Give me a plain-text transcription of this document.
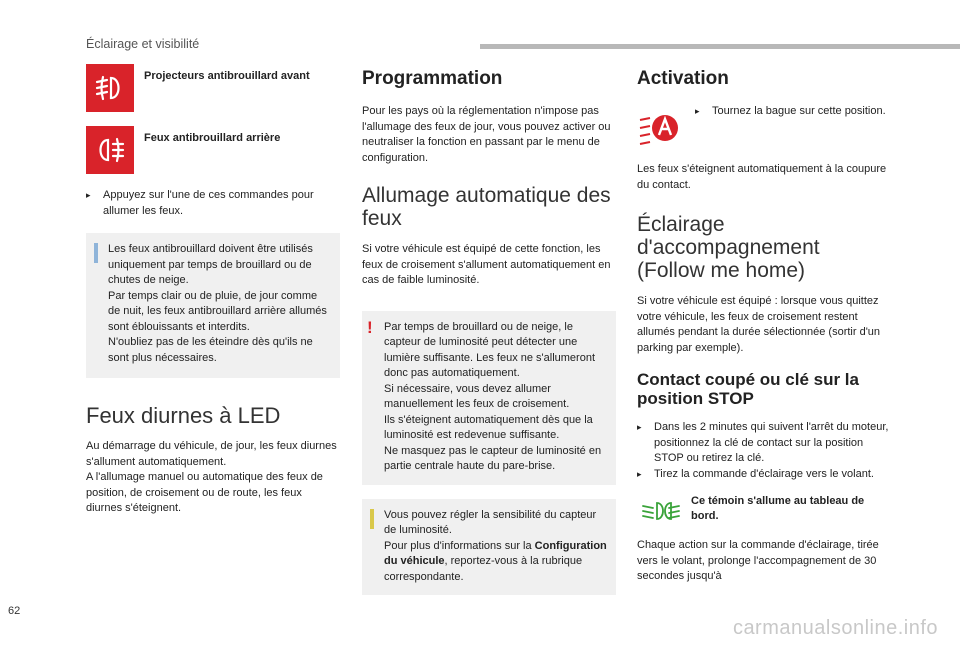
Éclairage et visibilité
Projecteurs antibrouillard avant
Feux antibrouillard arrière
▸	Appuyez sur l'une de ces commandes pour allumer les feux.
Les feux antibrouillard doivent être utilisés uniquement par temps de brouillard ou de chutes de neige.
Par temps clair ou de pluie, de jour comme de nuit, les feux antibrouillard arrière allumés sont éblouissants et interdits.
N'oubliez pas de les éteindre dès qu'ils ne sont plus nécessaires.
Feux diurnes à LED

Au démarrage du véhicule, de jour, les feux diurnes s'allument automatiquement.

A l'allumage manuel ou automatique des feux de position, de croisement ou de route, les feux diurnes s'éteignent.

Programmation

Pour les pays où la réglementation n'impose pas l'allumage des feux de jour, vous pouvez activer ou neutraliser la fonction en passant par le menu de configuration.

Allumage automatique des feux

Si votre véhicule est équipé de cette fonction, les feux de croisement s'allument automatiquement en cas de faible luminosité.

! Par temps de brouillard ou de neige, le capteur de luminosité peut détecter une lumière suffisante. Les feux ne s'allumeront donc pas automatiquement.
Si nécessaire, vous devez allumer manuellement les feux de croisement.
Ils s'éteignent automatiquement dès que la luminosité est redevenue suffisante.
Ne masquez pas le capteur de luminosité en partie centrale haute du pare-brise.
Vous pouvez régler la sensibilité du capteur de luminosité.
Pour plus d'informations sur la Configuration du véhicule, reportez-vous à la rubrique correspondante.
Activation
▸	Tournez la bague sur cette position.

Les feux s'éteignent automatiquement à la coupure du contact.

Éclairage d'accompagnement (Follow me home)

Si votre véhicule est équipé : lorsque vous quittez votre véhicule, les feux de croisement restent allumés pendant la durée sélectionnée (sortir d'un parking par exemple).

Contact coupé ou clé sur la position STOP
▸	Dans les 2 minutes qui suivent l'arrêt du moteur, positionnez la clé de contact sur la position STOP ou retirez la clé.
▸	Tirez la commande d'éclairage vers le volant.
Ce témoin s'allume au tableau de bord.

Chaque action sur la commande d'éclairage, tirée vers le volant, prolonge l'accompagnement de 30 secondes jusqu'à

62
carmanualsonline.info
